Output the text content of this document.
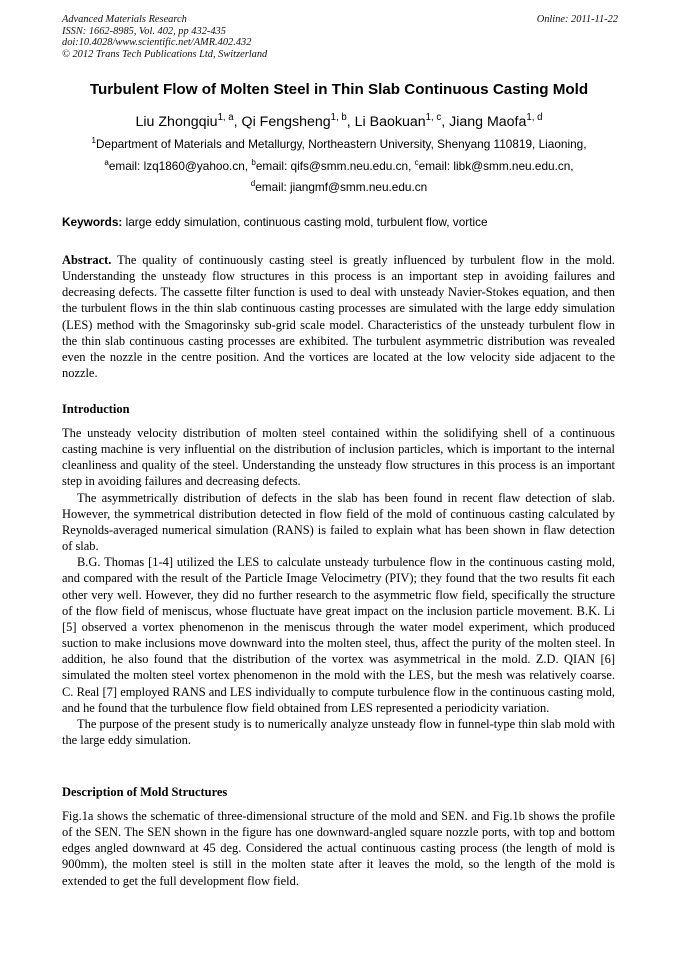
Advanced Materials Research
ISSN: 1662-8985, Vol. 402, pp 432-435
doi:10.4028/www.scientific.net/AMR.402.432
© 2012 Trans Tech Publications Ltd, Switzerland
Online: 2011-11-22
Turbulent Flow of Molten Steel in Thin Slab Continuous Casting Mold
Liu Zhongqiu$^{1, a}$, Qi Fengsheng$^{1, b}$, Li Baokuan$^{1, c}$, Jiang Maofa$^{1, d}$
$^1$Department of Materials and Metallurgy, Northeastern University, Shenyang 110819, Liaoning,
$^a$email: lzq1860@yahoo.cn, $^b$email: qifs@smm.neu.edu.cn, $^c$email: libk@smm.neu.edu.cn,
$^d$email: jiangmf@smm.neu.edu.cn
Keywords: large eddy simulation, continuous casting mold, turbulent flow, vortice

Abstract. The quality of continuously casting steel is greatly influenced by turbulent flow in the mold. Understanding the unsteady flow structures in this process is an important step in avoiding failures and decreasing defects. The cassette filter function is used to deal with unsteady Navier-Stokes equation, and then the turbulent flows in the thin slab continuous casting processes are simulated with the large eddy simulation (LES) method with the Smagorinsky sub-grid scale model. Characteristics of the unsteady turbulent flow in the thin slab continuous casting processes are exhibited. The turbulent asymmetric distribution was revealed even the nozzle in the centre position. And the vortices are located at the low velocity side adjacent to the nozzle.

Introduction

The unsteady velocity distribution of molten steel contained within the solidifying shell of a continuous casting machine is very influential on the distribution of inclusion particles, which is important to the internal cleanliness and quality of the steel. Understanding the unsteady flow structures in this process is an important step in avoiding failures and decreasing defects.

The asymmetrically distribution of defects in the slab has been found in recent flaw detection of slab. However, the symmetrical distribution detected in flow field of the mold of continuous casting calculated by Reynolds-averaged numerical simulation (RANS) is failed to explain what has been shown in flaw detection of slab.

B.G. Thomas [1-4] utilized the LES to calculate unsteady turbulence flow in the continuous casting mold, and compared with the result of the Particle Image Velocimetry (PIV); they found that the two results fit each other very well. However, they did no further research to the asymmetric flow field, specifically the structure of the flow field of meniscus, whose fluctuate have great impact on the inclusion particle movement. B.K. Li [5] observed a vortex phenomenon in the meniscus through the water model experiment, which produced suction to make inclusions move downward into the molten steel, thus, affect the purity of the molten steel. In addition, he also found that the distribution of the vortex was asymmetrical in the mold. Z.D. QIAN [6] simulated the molten steel vortex phenomenon in the mold with the LES, but the mesh was relatively coarse. C. Real [7] employed RANS and LES individually to compute turbulence flow in the continuous casting mold, and he found that the turbulence flow field obtained from LES represented a periodicity variation.

The purpose of the present study is to numerically analyze unsteady flow in funnel-type thin slab mold with the large eddy simulation.

Description of Mold Structures

Fig.1a shows the schematic of three-dimensional structure of the mold and SEN. and Fig.1b shows the profile of the SEN. The SEN shown in the figure has one downward-angled square nozzle ports, with top and bottom edges angled downward at 45 deg. Considered the actual continuous casting process (the length of mold is 900mm), the molten steel is still in the molten state after it leaves the mold, so the length of the mold is extended to get the full development flow field.
